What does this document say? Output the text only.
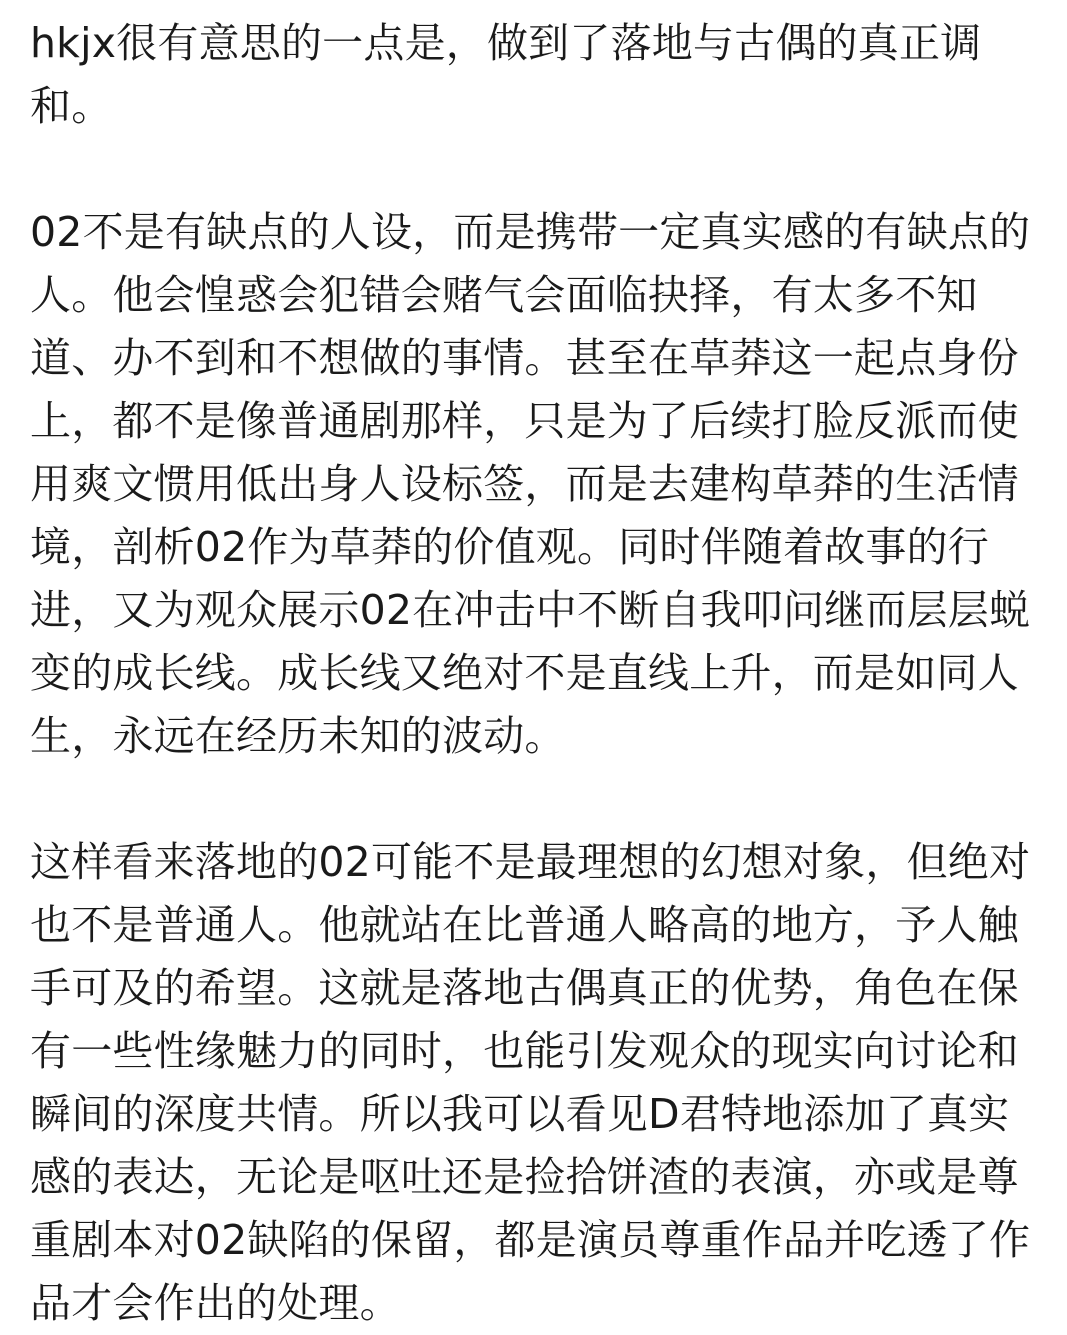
hkjx很有意思的一点是，做到了落地与古偶的真正调和。

02不是有缺点的人设，而是携带一定真实感的有缺点的人。他会惶惑会犯错会赌气会面临抉择，有太多不知道、办不到和不想做的事情。甚至在草莽这一起点身份上，都不是像普通剧那样，只是为了后续打脸反派而使用爽文惯用低出身人设标签，而是去建构草莽的生活情境，剖析02作为草莽的价值观。同时伴随着故事的行进，又为观众展示02在冲击中不断自我叩问继而层层蜕变的成长线。成长线又绝对不是直线上升，而是如同人生，永远在经历未知的波动。

这样看来落地的02可能不是最理想的幻想对象，但绝对也不是普通人。他就站在比普通人略高的地方，予人触手可及的希望。这就是落地古偶真正的优势，角色在保有一些性缘魅力的同时，也能引发观众的现实向讨论和瞬间的深度共情。所以我可以看见D君特地添加了真实感的表达，无论是呕吐还是捡拾饼渣的表演，亦或是尊重剧本对02缺陷的保留，都是演员尊重作品并吃透了作品才会作出的处理。
